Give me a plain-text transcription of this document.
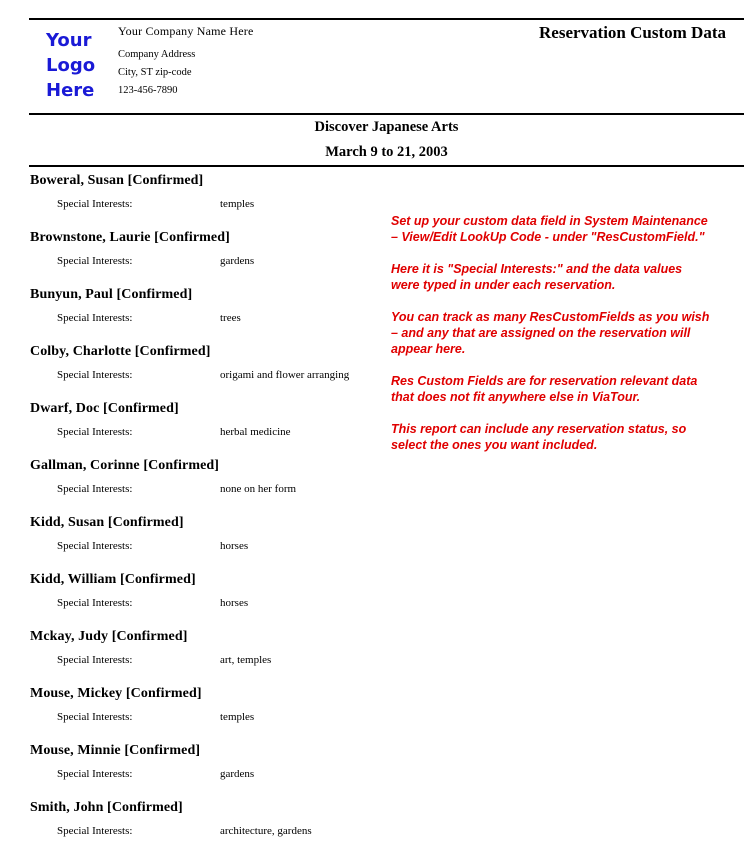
Your
Logo
Here
Your Company Name Here
Company Address
City, ST zip-code
123-456-7890
Reservation Custom Data
Discover Japanese Arts
March 9 to 21, 2003
Boweral, Susan [Confirmed]
Special Interests:	temples
Brownstone, Laurie [Confirmed]
Special Interests:	gardens
Bunyun, Paul [Confirmed]
Special Interests:	trees
Colby, Charlotte [Confirmed]
Special Interests:	origami and flower arranging
Dwarf, Doc [Confirmed]
Special Interests:	herbal medicine
Gallman, Corinne [Confirmed]
Special Interests:	none on her form
Kidd, Susan [Confirmed]
Special Interests:	horses
Kidd, William [Confirmed]
Special Interests:	horses
Mckay, Judy [Confirmed]
Special Interests:	art, temples
Mouse, Mickey [Confirmed]
Special Interests:	temples
Mouse, Minnie [Confirmed]
Special Interests:	gardens
Smith, John [Confirmed]
Special Interests:	architecture, gardens

Set up your custom data field in System Maintenance – View/Edit LookUp Code - under "ResCustomField."

Here it is "Special Interests:" and the data values were typed in under each reservation.

You can track as many ResCustomFields as you wish – and any that are assigned on the reservation will appear here.

Res Custom Fields are for reservation relevant data that does not fit anywhere else in ViaTour.

This report can include any reservation status, so select the ones you want included.
